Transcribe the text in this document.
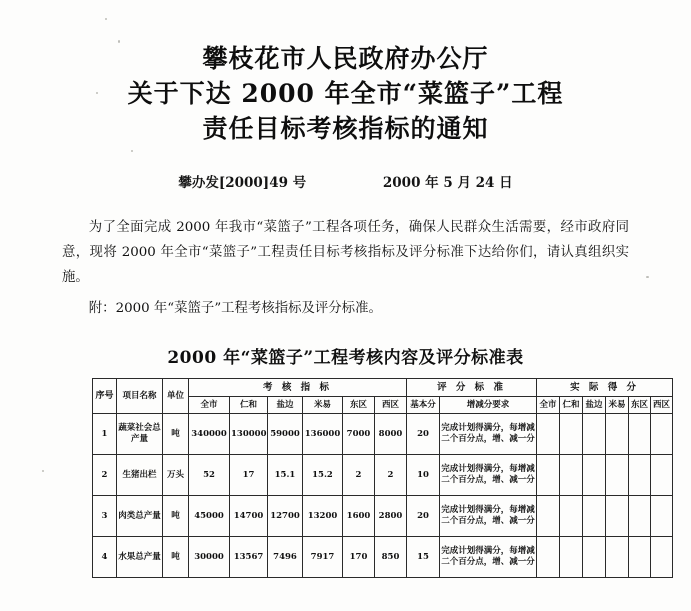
攀枝花市人民政府办公厅
关于下达 2000 年全市“菜篮子”工程
责任目标考核指标的通知
攀办发[2000]49 号	2000 年 5 月 24 日

为了全面完成 2000 年我市“菜篮子”工程各项任务，确保人民群众生活需要，经市政府同意，现将 2000 年全市“菜篮子”工程责任目标考核指标及评分标准下达给你们，请认真组织实施。

附：2000 年“菜篮子”工程考核指标及评分标准。

2000 年“菜篮子”工程考核内容及评分标准表
序号	项目名称	单位	考 核 指 标						评 分 标 准		实 际 得 分					
			全市	仁和	盐边	米易	东区	西区	基本分	增减分要求	全市	仁和	盐边	米易	东区	西区
1	蔬菜社会总产量	吨	340000	130000	59000	136000	7000	8000	20	完成计划得满分，每增减
二个百分点，增、减一分						
2	生猪出栏	万头	52	17	15.1	15.2	2	2	10	完成计划得满分，每增减
二个百分点，增、减一分						
3	肉类总产量	吨	45000	14700	12700	13200	1600	2800	20	完成计划得满分，每增减
二个百分点，增、减一分						
4	水果总产量	吨	30000	13567	7496	7917	170	850	15	完成计划得满分，每增减
二个百分点，增、减一分						
